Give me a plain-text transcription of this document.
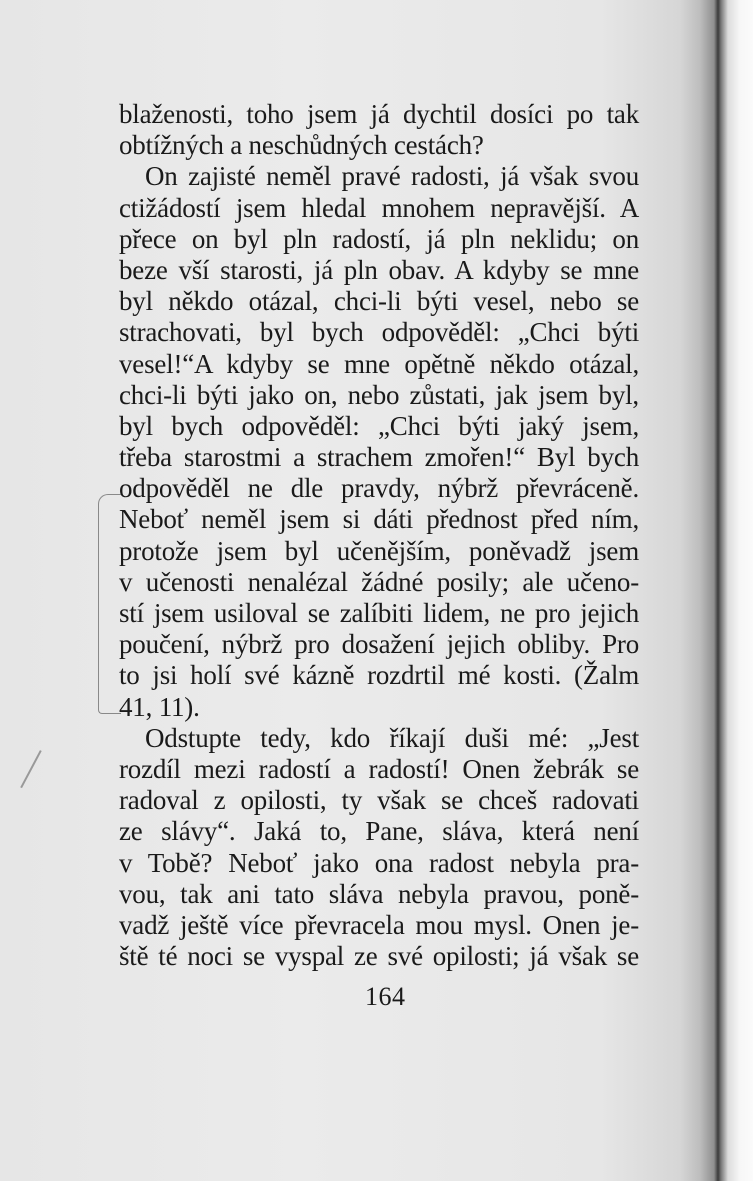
blaženosti, toho jsem já dychtil dosíci po tak
obtížných a neschůdných cestách?
On zajisté neměl pravé radosti, já však svou
ctižádostí jsem hledal mnohem nepravější. A
přece on byl pln radostí, já pln neklidu; on
beze vší starosti, já pln obav. A kdyby se mne
byl někdo otázal, chci-li býti vesel, nebo se
strachovati, byl bych odpověděl: „Chci býti
vesel!“A kdyby se mne opětně někdo otázal,
chci-li býti jako on, nebo zůstati, jak jsem byl,
byl bych odpověděl: „Chci býti jaký jsem,
třeba starostmi a strachem zmořen!“ Byl bych
odpověděl ne dle pravdy, nýbrž převráceně.
Neboť neměl jsem si dáti přednost před ním,
protože jsem byl učenějším, poněvadž jsem
v učenosti nenalézal žádné posily; ale učeno-
stí jsem usiloval se zalíbiti lidem, ne pro jejich
poučení, nýbrž pro dosažení jejich obliby. Pro
to jsi holí své kázně rozdrtil mé kosti. (Žalm
41, 11).
Odstupte tedy, kdo říkají duši mé: „Jest
rozdíl mezi radostí a radostí! Onen žebrák se
radoval z opilosti, ty však se chceš radovati
ze slávy“. Jaká to, Pane, sláva, která není
v Tobě? Neboť jako ona radost nebyla pra-
vou, tak ani tato sláva nebyla pravou, poně-
vadž ještě více převracela mou mysl. Onen je-
ště té noci se vyspal ze své opilosti; já však se
164
